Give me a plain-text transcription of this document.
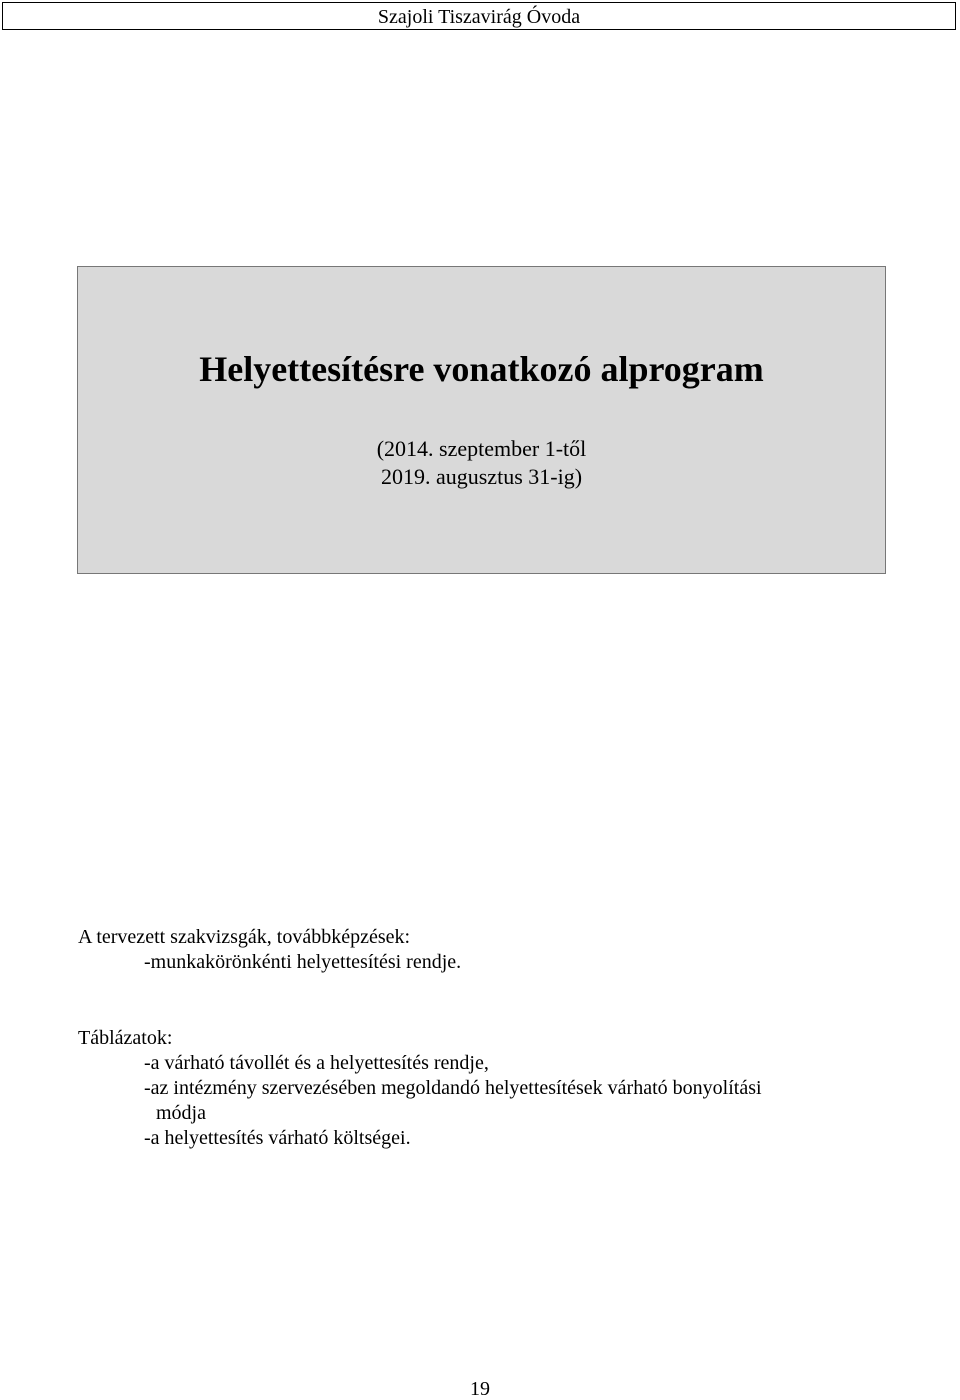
Szajoli Tiszavirág Óvoda
Helyettesítésre vonatkozó alprogram
(2014. szeptember 1-től
2019. augusztus 31-ig)

A tervezett szakvizsgák, továbbképzések:

-munkakörönkénti helyettesítési rendje.

Táblázatok:

-a várható távollét és a helyettesítés rendje,

-az intézmény szervezésében megoldandó helyettesítések várható bonyolítási

módja

-a helyettesítés várható költségei.

19
